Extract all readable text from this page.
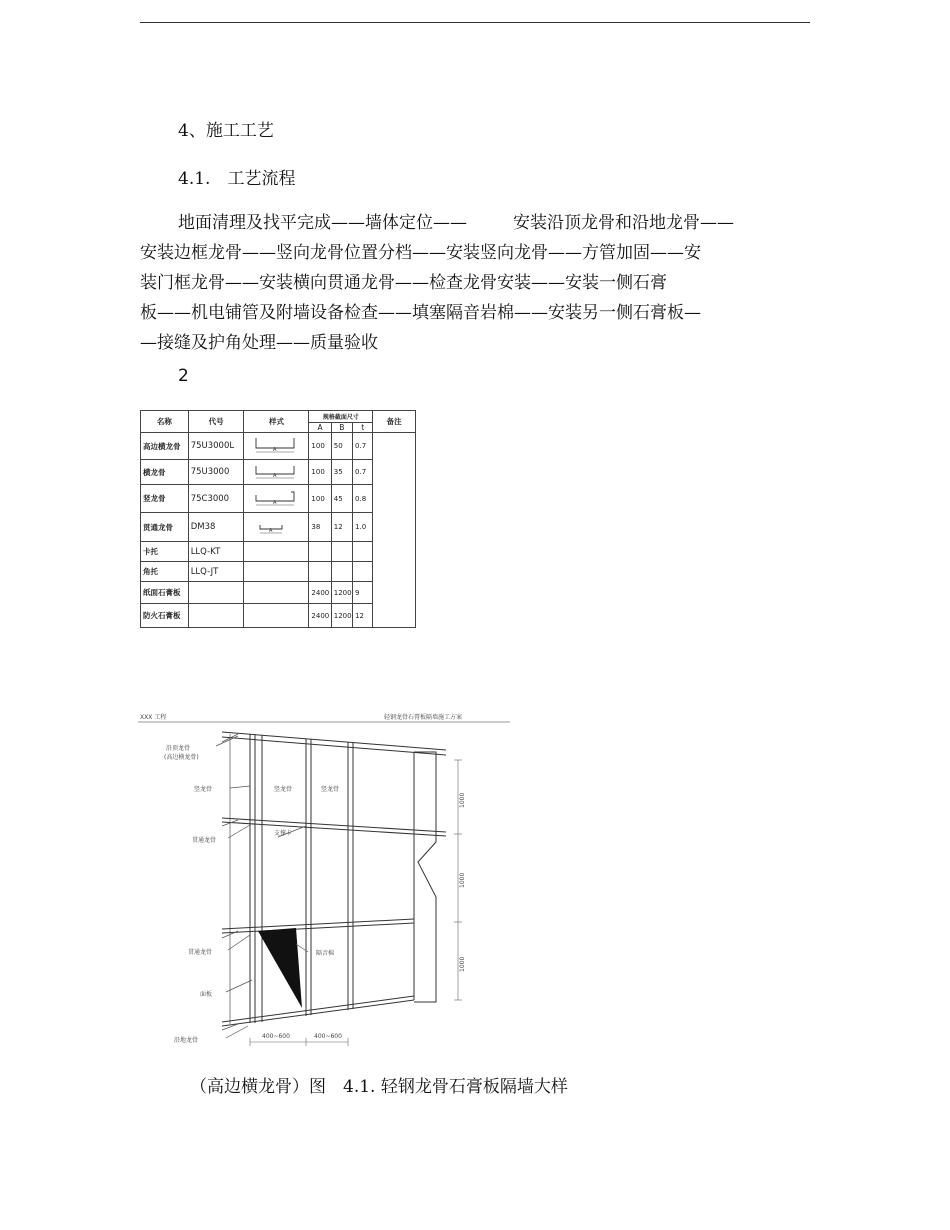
4、施工工艺
4.1.　工艺流程
地面清理及找平完成——墙体定位——	安装沿顶龙骨和沿地龙骨——
安装边框龙骨——竖向龙骨位置分档——安装竖向龙骨——方管加固——安
装门框龙骨——安装横向贯通龙骨——检查龙骨安装——安装一侧石膏
板——机电铺管及附墙设备检查——填塞隔音岩棉——安装另一侧石膏板—
—接缝及护角处理——质量验收
2
名称	代号	样式	规格截面尺寸			备注
			A	B	t	
高边横龙骨	75U3000L	A	100	50	0.7	
横龙骨	75U3000	A	100	35	0.7	
竖龙骨	75C3000	A	100	45	0.8	
贯通龙骨	DM38	A	38	12	1.0	
卡托	LLQ-KT					
角托	LLQ-JT					
纸面石膏板			2400	1200	9	
防火石膏板			2400	1200	12	
XXX 工程	轻钢龙骨石膏板隔墙施工方案
沿顶龙骨
(高边横龙骨)
竖龙骨	竖龙骨	竖龙骨
贯通龙骨
支撑卡
贯通龙骨	隔音棉
面板
沿地龙骨
1000
1000
1000
400~600	400~600
（高边横龙骨）图　4.1. 轻钢龙骨石膏板隔墙大样
